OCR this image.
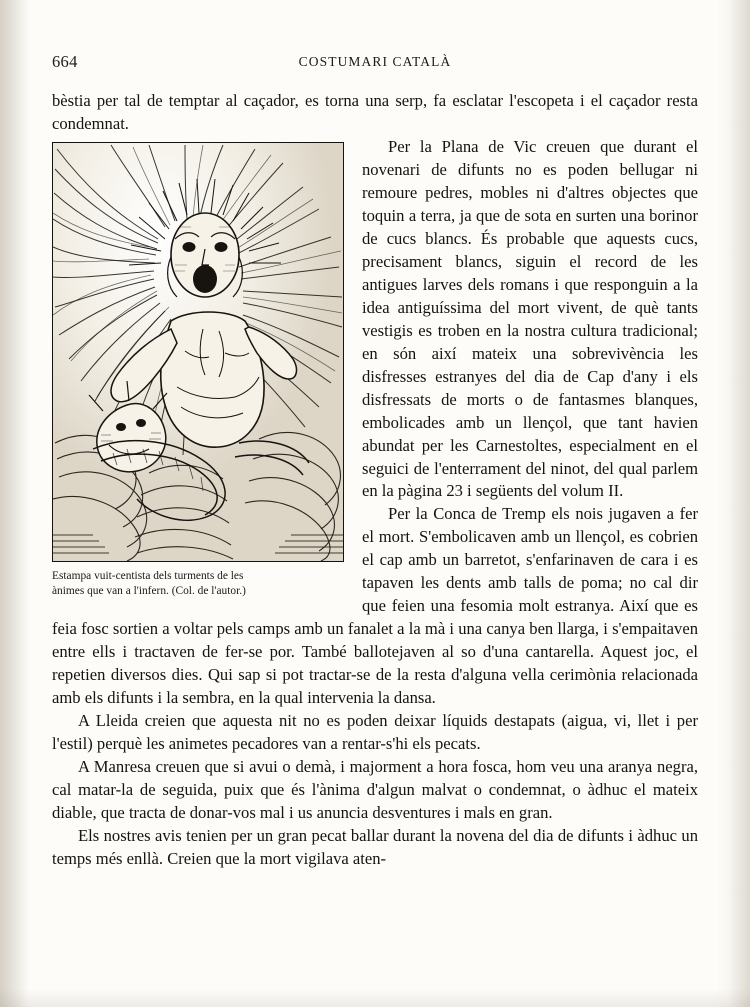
664	COSTUMARI CATALÀ

bèstia per tal de temptar al caçador, es torna una serp, fa esclatar l'escopeta i el caçador resta condemnat.

Estampa vuit-centista dels turments de les
ànimes que van a l'infern. (Col. de l'autor.)

Per la Plana de Vic creuen que durant el novenari de difunts no es poden bellugar ni remoure pedres, mobles ni d'altres objectes que toquin a terra, ja que de sota en surten una borinor de cucs blancs. És probable que aquests cucs, precisament blancs, siguin el record de les antigues larves dels romans i que responguin a la idea antiguíssima del mort vivent, de què tants vestigis es troben en la nostra cultura tradicional; en són així mateix una sobrevivència les disfresses estranyes del dia de Cap d'any i els disfressats de morts o de fantasmes blanques, embolicades amb un llençol, que tant havien abundat per les Carnestoltes, especialment en el seguici de l'enterrament del ninot, del qual parlem en la pàgina 23 i següents del volum II.

Per la Conca de Tremp els nois jugaven a fer el mort. S'embolicaven amb un llençol, es cobrien el cap amb un barretot, s'enfarinaven de cara i es tapaven les dents amb talls de poma; no cal dir que feien una fesomia molt estranya. Així que es feia fosc sortien a voltar pels camps amb un fanalet a la mà i una canya ben llarga, i s'empaitaven entre ells i tractaven de fer-se por. També ballotejaven al so d'una cantarella. Aquest joc, el repetien diversos dies. Qui sap si pot tractar-se de la resta d'alguna vella cerimònia relacionada amb els difunts i la sembra, en la qual intervenia la dansa.

A Lleida creien que aquesta nit no es poden deixar líquids destapats (aigua, vi, llet i per l'estil) perquè les animetes pecadores van a rentar-s'hi els pecats.

A Manresa creuen que si avui o demà, i majorment a hora fosca, hom veu una aranya negra, cal matar-la de seguida, puix que és l'ànima d'algun malvat o condemnat, o àdhuc el mateix diable, que tracta de donar-vos mal i us anuncia desventures i mals en gran.

Els nostres avis tenien per un gran pecat ballar durant la novena del dia de difunts i àdhuc un temps més enllà. Creien que la mort vigilava aten-
